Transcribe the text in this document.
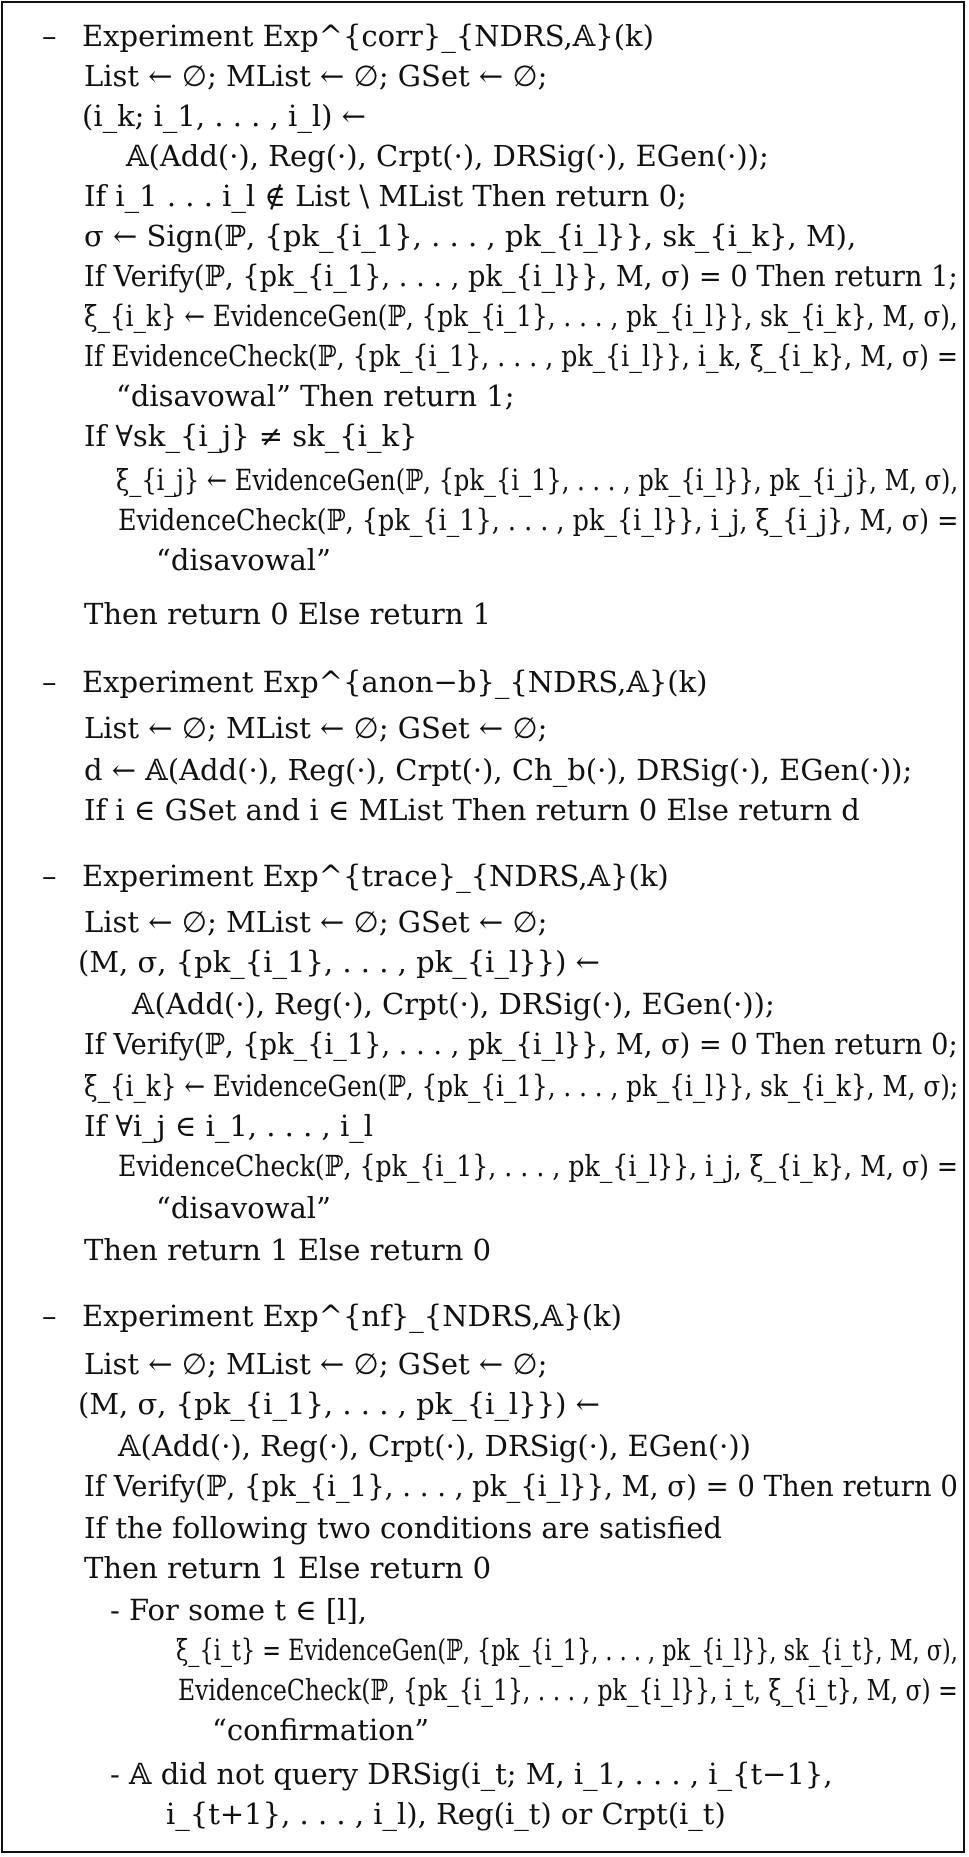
– Experiment Exp^{corr}_{NDRS,𝔸}(k)
List ← ∅; MList ← ∅; GSet ← ∅;
(i_k; i_1, . . . , i_l) ←
𝔸(Add(·), Reg(·), Crpt(·), DRSig(·), EGen(·));
If i_1 . . . i_l ∉ List \ MList Then return 0;
σ ← Sign(ℙ, {pk_{i_1}, . . . , pk_{i_l}}, sk_{i_k}, M),
If Verify(ℙ, {pk_{i_1}, . . . , pk_{i_l}}, M, σ) = 0 Then return 1;
ξ_{i_k} ← EvidenceGen(ℙ, {pk_{i_1}, . . . , pk_{i_l}}, sk_{i_k}, M, σ),
If EvidenceCheck(ℙ, {pk_{i_1}, . . . , pk_{i_l}}, i_k, ξ_{i_k}, M, σ) =
“disavowal” Then return 1;
If ∀sk_{i_j} ≠ sk_{i_k}
ξ_{i_j} ← EvidenceGen(ℙ, {pk_{i_1}, . . . , pk_{i_l}}, pk_{i_j}, M, σ),
EvidenceCheck(ℙ, {pk_{i_1}, . . . , pk_{i_l}}, i_j, ξ_{i_j}, M, σ) =
“disavowal”
Then return 0 Else return 1
– Experiment Exp^{anon−b}_{NDRS,𝔸}(k)
List ← ∅; MList ← ∅; GSet ← ∅;
d ← 𝔸(Add(·), Reg(·), Crpt(·), Ch_b(·), DRSig(·), EGen(·));
If i ∈ GSet and i ∈ MList Then return 0 Else return d
– Experiment Exp^{trace}_{NDRS,𝔸}(k)
List ← ∅; MList ← ∅; GSet ← ∅;
(M, σ, {pk_{i_1}, . . . , pk_{i_l}}) ←
𝔸(Add(·), Reg(·), Crpt(·), DRSig(·), EGen(·));
If Verify(ℙ, {pk_{i_1}, . . . , pk_{i_l}}, M, σ) = 0 Then return 0;
ξ_{i_k} ← EvidenceGen(ℙ, {pk_{i_1}, . . . , pk_{i_l}}, sk_{i_k}, M, σ);
If ∀i_j ∈ i_1, . . . , i_l
EvidenceCheck(ℙ, {pk_{i_1}, . . . , pk_{i_l}}, i_j, ξ_{i_k}, M, σ) =
“disavowal”
Then return 1 Else return 0
– Experiment Exp^{nf}_{NDRS,𝔸}(k)
List ← ∅; MList ← ∅; GSet ← ∅;
(M, σ, {pk_{i_1}, . . . , pk_{i_l}}) ←
𝔸(Add(·), Reg(·), Crpt(·), DRSig(·), EGen(·))
If Verify(ℙ, {pk_{i_1}, . . . , pk_{i_l}}, M, σ) = 0 Then return 0
If the following two conditions are satisfied
Then return 1 Else return 0
- For some t ∈ [l],
ξ_{i_t} = EvidenceGen(ℙ, {pk_{i_1}, . . . , pk_{i_l}}, sk_{i_t}, M, σ),
EvidenceCheck(ℙ, {pk_{i_1}, . . . , pk_{i_l}}, i_t, ξ_{i_t}, M, σ) =
“confirmation”
- 𝔸 did not query DRSig(i_t; M, i_1, . . . , i_{t−1},
i_{t+1}, . . . , i_l), Reg(i_t) or Crpt(i_t)
